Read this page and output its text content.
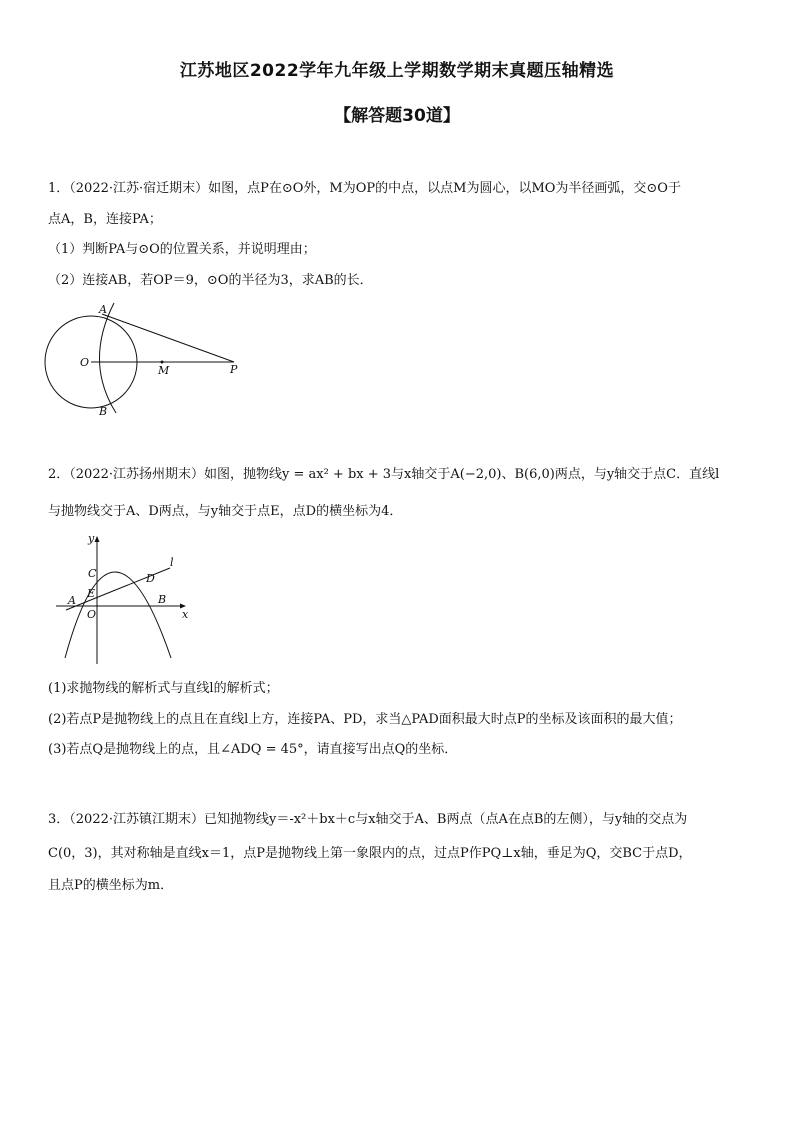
江苏地区2022学年九年级上学期数学期末真题压轴精选
【解答题30道】
1．（2022·江苏·宿迁期末）如图，点P在⊙O外，M为OP的中点，以点M为圆心，以MO为半径画弧，交⊙O于
点A，B，连接PA；
（1）判断PA与⊙O的位置关系，并说明理由；
（2）连接AB，若OP＝9，⊙O的半径为3，求AB的长．
A
B
O
M	P
2．（2022·江苏扬州期末）如图，抛物线y = ax² + bx + 3与x轴交于A(−2,0)、B(6,0)两点，与y轴交于点C．直线l
与抛物线交于A、D两点，与y轴交于点E，点D的横坐标为4．
y
x
l
C	D
A
E
O
B
(1)求抛物线的解析式与直线l的解析式；
(2)若点P是抛物线上的点且在直线l上方，连接PA、PD，求当△PAD面积最大时点P的坐标及该面积的最大值；
(3)若点Q是抛物线上的点，且∠ADQ = 45°，请直接写出点Q的坐标．
3．（2022·江苏镇江期末）已知抛物线y＝-x²＋bx＋c与x轴交于A、B两点（点A在点B的左侧），与y轴的交点为
C(0，3)，其对称轴是直线x＝1，点P是抛物线上第一象限内的点，过点P作PQ⊥x轴，垂足为Q，交BC于点D，
且点P的横坐标为m．
